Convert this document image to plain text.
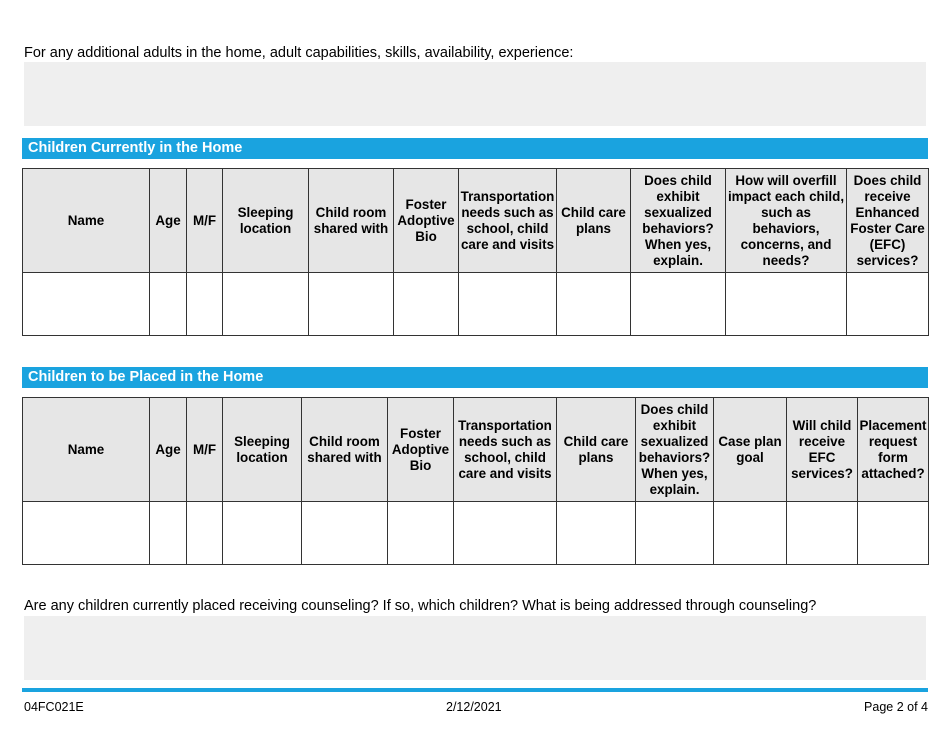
For any additional adults in the home, adult capabilities, skills, availability, experience:
Children Currently in the Home
Name	Age	M/F	Sleeping location	Child room shared with	Foster Adoptive Bio	Transportation needs such as school, child care and visits	Child care plans	Does child exhibit sexualized behaviors? When yes, explain.	How will overfill impact each child, such as behaviors, concerns, and needs?	Does child receive Enhanced Foster Care (EFC) services?

Children to be Placed in the Home
Name	Age	M/F	Sleeping location	Child room shared with	Foster Adoptive Bio	Transportation needs such as school, child care and visits	Child care plans	Does child exhibit sexualized behaviors? When yes, explain.	Case plan goal	Will child receive EFC services?	Placement request form attached?

Are any children currently placed receiving counseling? If so, which children? What is being addressed through counseling?
04FC021E	2/12/2021	Page 2 of 4
